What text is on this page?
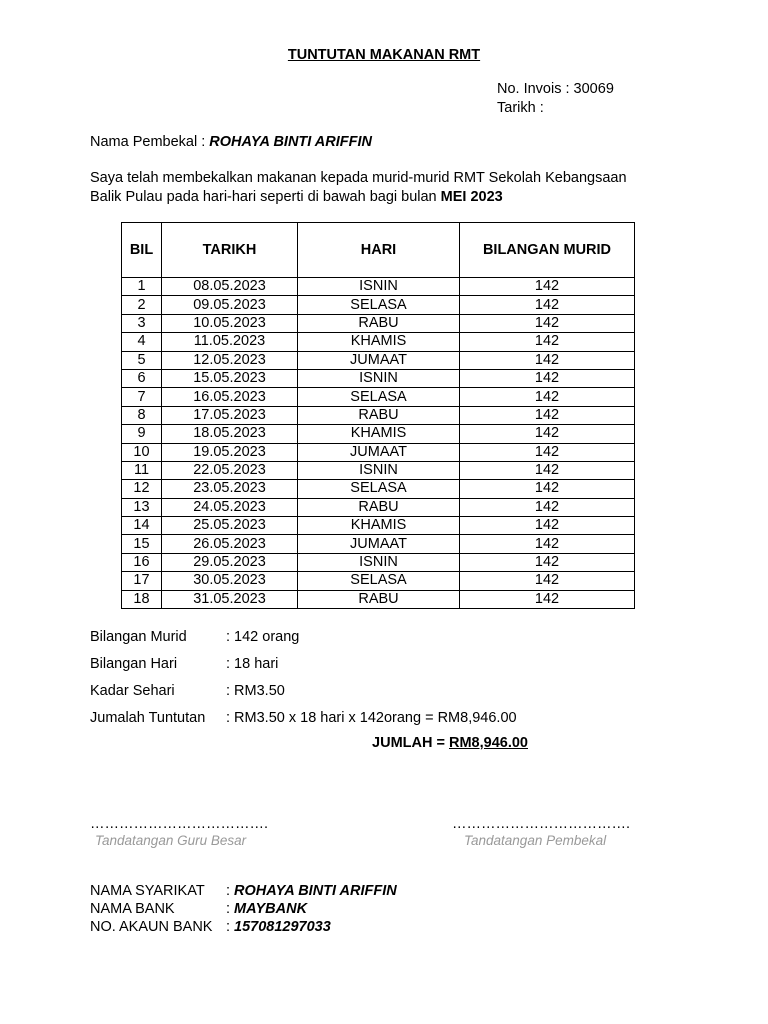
TUNTUTAN MAKANAN RMT
No. Invois : 30069
Tarikh :
Nama Pembekal : ROHAYA BINTI ARIFFIN
Saya telah membekalkan makanan kepada murid-murid RMT Sekolah Kebangsaan
Balik Pulau pada hari-hari seperti di bawah bagi bulan MEI 2023
BIL	TARIKH	HARI	BILANGAN MURID
1	08.05.2023	ISNIN	142
2	09.05.2023	SELASA	142
3	10.05.2023	RABU	142
4	11.05.2023	KHAMIS	142
5	12.05.2023	JUMAAT	142
6	15.05.2023	ISNIN	142
7	16.05.2023	SELASA	142
8	17.05.2023	RABU	142
9	18.05.2023	KHAMIS	142
10	19.05.2023	JUMAAT	142
11	22.05.2023	ISNIN	142
12	23.05.2023	SELASA	142
13	24.05.2023	RABU	142
14	25.05.2023	KHAMIS	142
15	26.05.2023	JUMAAT	142
16	29.05.2023	ISNIN	142
17	30.05.2023	SELASA	142
18	31.05.2023	RABU	142
Bilangan Murid	: 142 orang
Bilangan Hari	: 18 hari
Kadar Sehari	: RM3.50
Jumalah Tuntutan : RM3.50 x 18 hari x 142orang = RM8,946.00
JUMLAH = RM8,946.00
……………………………….	……………………………….
Tandatangan Guru Besar	Tandatangan Pembekal
NAMA SYARIKAT : ROHAYA BINTI ARIFFIN
NAMA BANK	: MAYBANK
NO. AKAUN BANK : 157081297033
